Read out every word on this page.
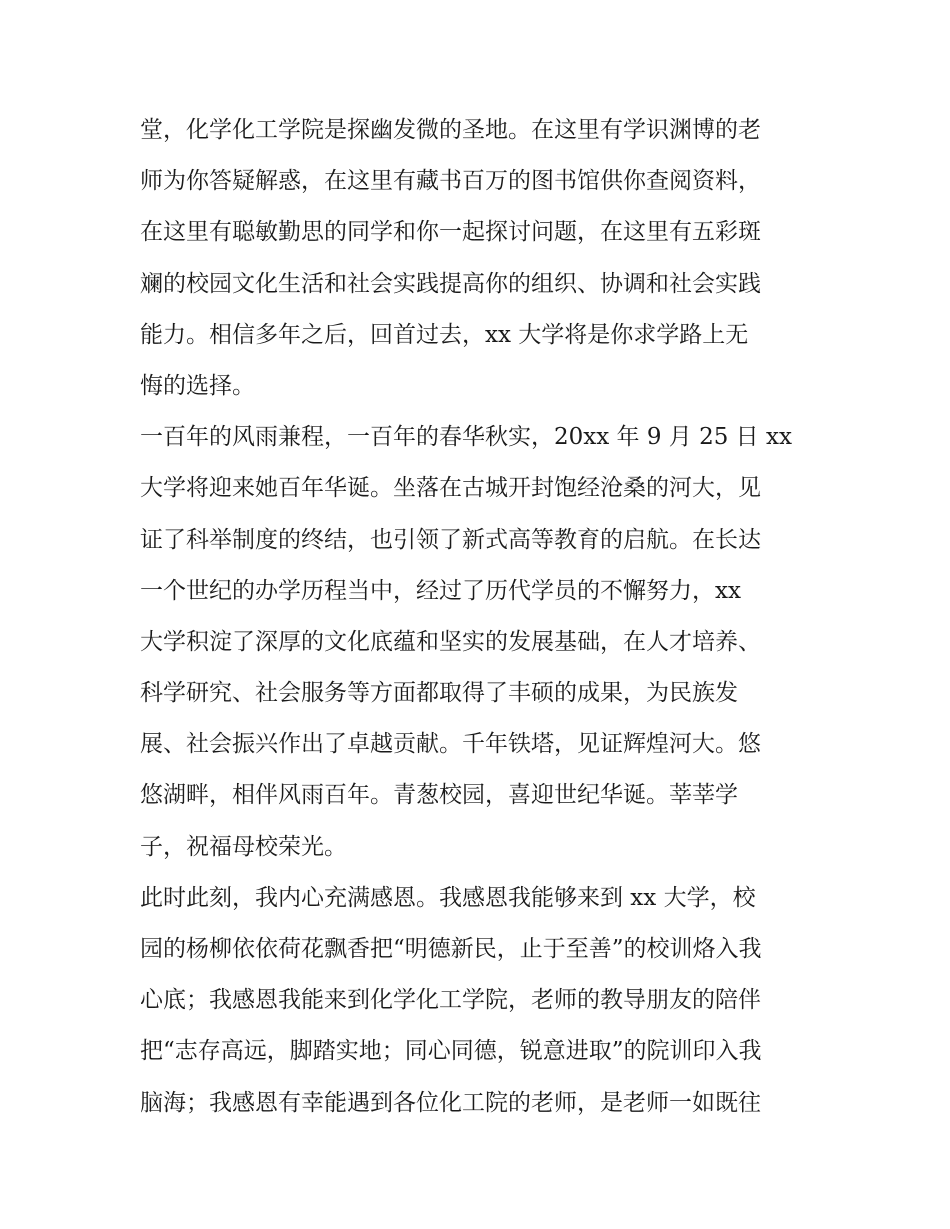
堂，化学化工学院是探幽发微的圣地。在这里有学识渊博的老
师为你答疑解惑，在这里有藏书百万的图书馆供你查阅资料，
在这里有聪敏勤思的同学和你一起探讨问题，在这里有五彩斑
斓的校园文化生活和社会实践提高你的组织、协调和社会实践
能力。相信多年之后，回首过去，xx 大学将是你求学路上无
悔的选择。
一百年的风雨兼程，一百年的春华秋实，20xx 年 9 月 25 日 xx
大学将迎来她百年华诞。坐落在古城开封饱经沧桑的河大，见
证了科举制度的终结，也引领了新式高等教育的启航。在长达
一个世纪的办学历程当中，经过了历代学员的不懈努力，xx
大学积淀了深厚的文化底蕴和坚实的发展基础，在人才培养、
科学研究、社会服务等方面都取得了丰硕的成果，为民族发
展、社会振兴作出了卓越贡献。千年铁塔，见证辉煌河大。悠
悠湖畔，相伴风雨百年。青葱校园，喜迎世纪华诞。莘莘学
子，祝福母校荣光。
此时此刻，我内心充满感恩。我感恩我能够来到 xx 大学，校
园的杨柳依依荷花飘香把“明德新民，止于至善”的校训烙入我
心底；我感恩我能来到化学化工学院，老师的教导朋友的陪伴
把“志存高远，脚踏实地；同心同德，锐意进取”的院训印入我
脑海；我感恩有幸能遇到各位化工院的老师，是老师一如既往
